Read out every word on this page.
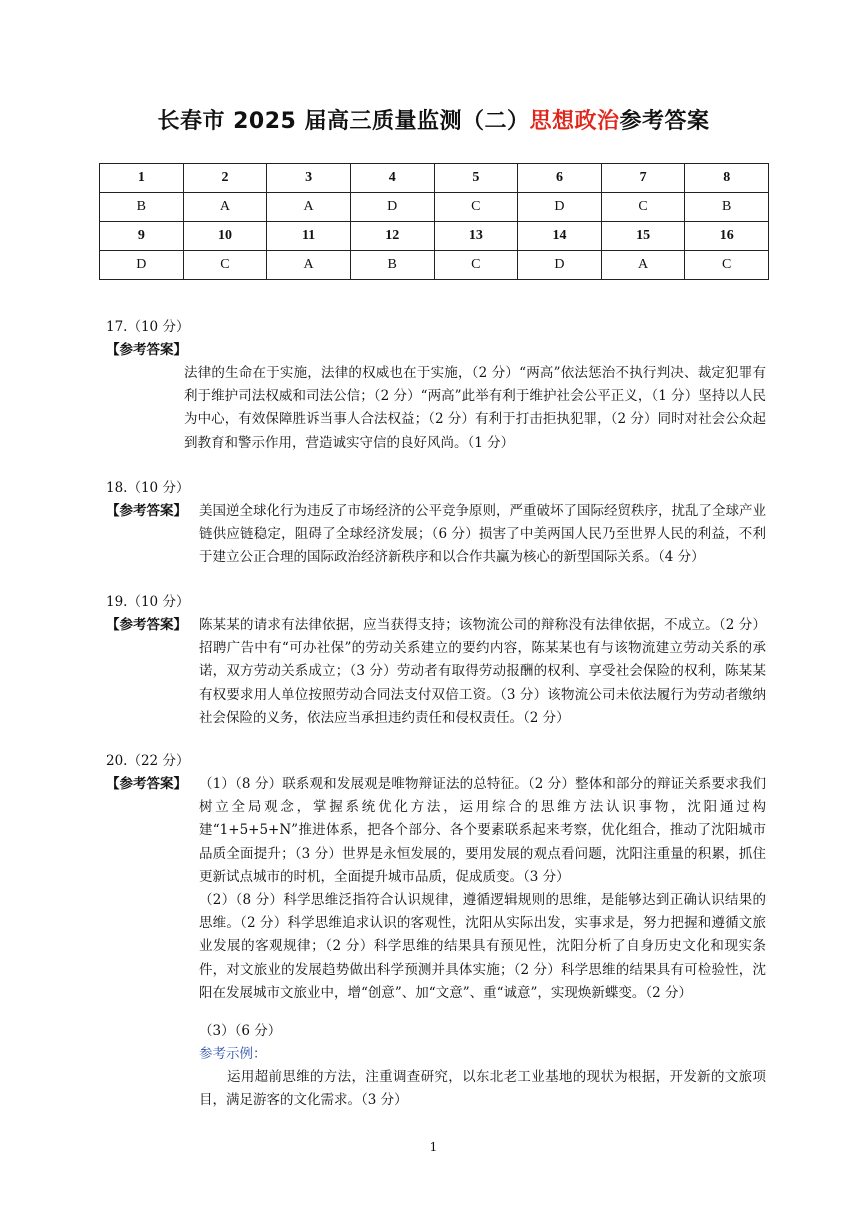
长春市 2025 届高三质量监测（二）思想政治参考答案
1	2	3	4	5	6	7	8
B	A	A	D	C	D	C	B
9	10	11	12	13	14	15	16
D	C	A	B	C	D	A	C
17.（10 分）
【参考答案】
法律的生命在于实施，法律的权威也在于实施，（2 分）“两高”依法惩治不执行判决、裁定犯罪有利于维护司法权威和司法公信；（2 分）“两高”此举有利于维护社会公平正义，（1 分）坚持以人民为中心，有效保障胜诉当事人合法权益；（2 分）有利于打击拒执犯罪，（2 分）同时对社会公众起到教育和警示作用，营造诚实守信的良好风尚。（1 分）
18.（10 分）
【参考答案】 美国逆全球化行为违反了市场经济的公平竞争原则，严重破坏了国际经贸秩序，扰乱了全球产业链供应链稳定，阻碍了全球经济发展；（6 分）损害了中美两国人民乃至世界人民的利益，不利于建立公正合理的国际政治经济新秩序和以合作共赢为核心的新型国际关系。（4 分）
19.（10 分）
【参考答案】 陈某某的请求有法律依据，应当获得支持；该物流公司的辩称没有法律依据，不成立。（2 分）招聘广告中有“可办社保”的劳动关系建立的要约内容，陈某某也有与该物流建立劳动关系的承诺，双方劳动关系成立；（3 分）劳动者有取得劳动报酬的权利、享受社会保险的权利，陈某某有权要求用人单位按照劳动合同法支付双倍工资。（3 分）该物流公司未依法履行为劳动者缴纳社会保险的义务，依法应当承担违约责任和侵权责任。（2 分）
20.（22 分）
【参考答案】 （1）（8 分）联系观和发展观是唯物辩证法的总特征。（2 分）整体和部分的辩证关系要求我们树立全局观念，掌握系统优化方法，运用综合的思维方法认识事物，沈阳通过构建“1+5+5+N”推进体系，把各个部分、各个要素联系起来考察，优化组合，推动了沈阳城市品质全面提升；（3 分）世界是永恒发展的，要用发展的观点看问题，沈阳注重量的积累，抓住更新试点城市的时机，全面提升城市品质，促成质变。（3 分）
（2）（8 分）科学思维泛指符合认识规律，遵循逻辑规则的思维，是能够达到正确认识结果的思维。（2 分）科学思维追求认识的客观性，沈阳从实际出发，实事求是，努力把握和遵循文旅业发展的客观规律；（2 分）科学思维的结果具有预见性，沈阳分析了自身历史文化和现实条件，对文旅业的发展趋势做出科学预测并具体实施；（2 分）科学思维的结果具有可检验性，沈阳在发展城市文旅业中，增“创意”、加“文意”、重“诚意”，实现焕新蝶变。（2 分）
（3）（6 分）
参考示例：
运用超前思维的方法，注重调查研究，以东北老工业基地的现状为根据，开发新的文旅项目，满足游客的文化需求。（3 分）
1
